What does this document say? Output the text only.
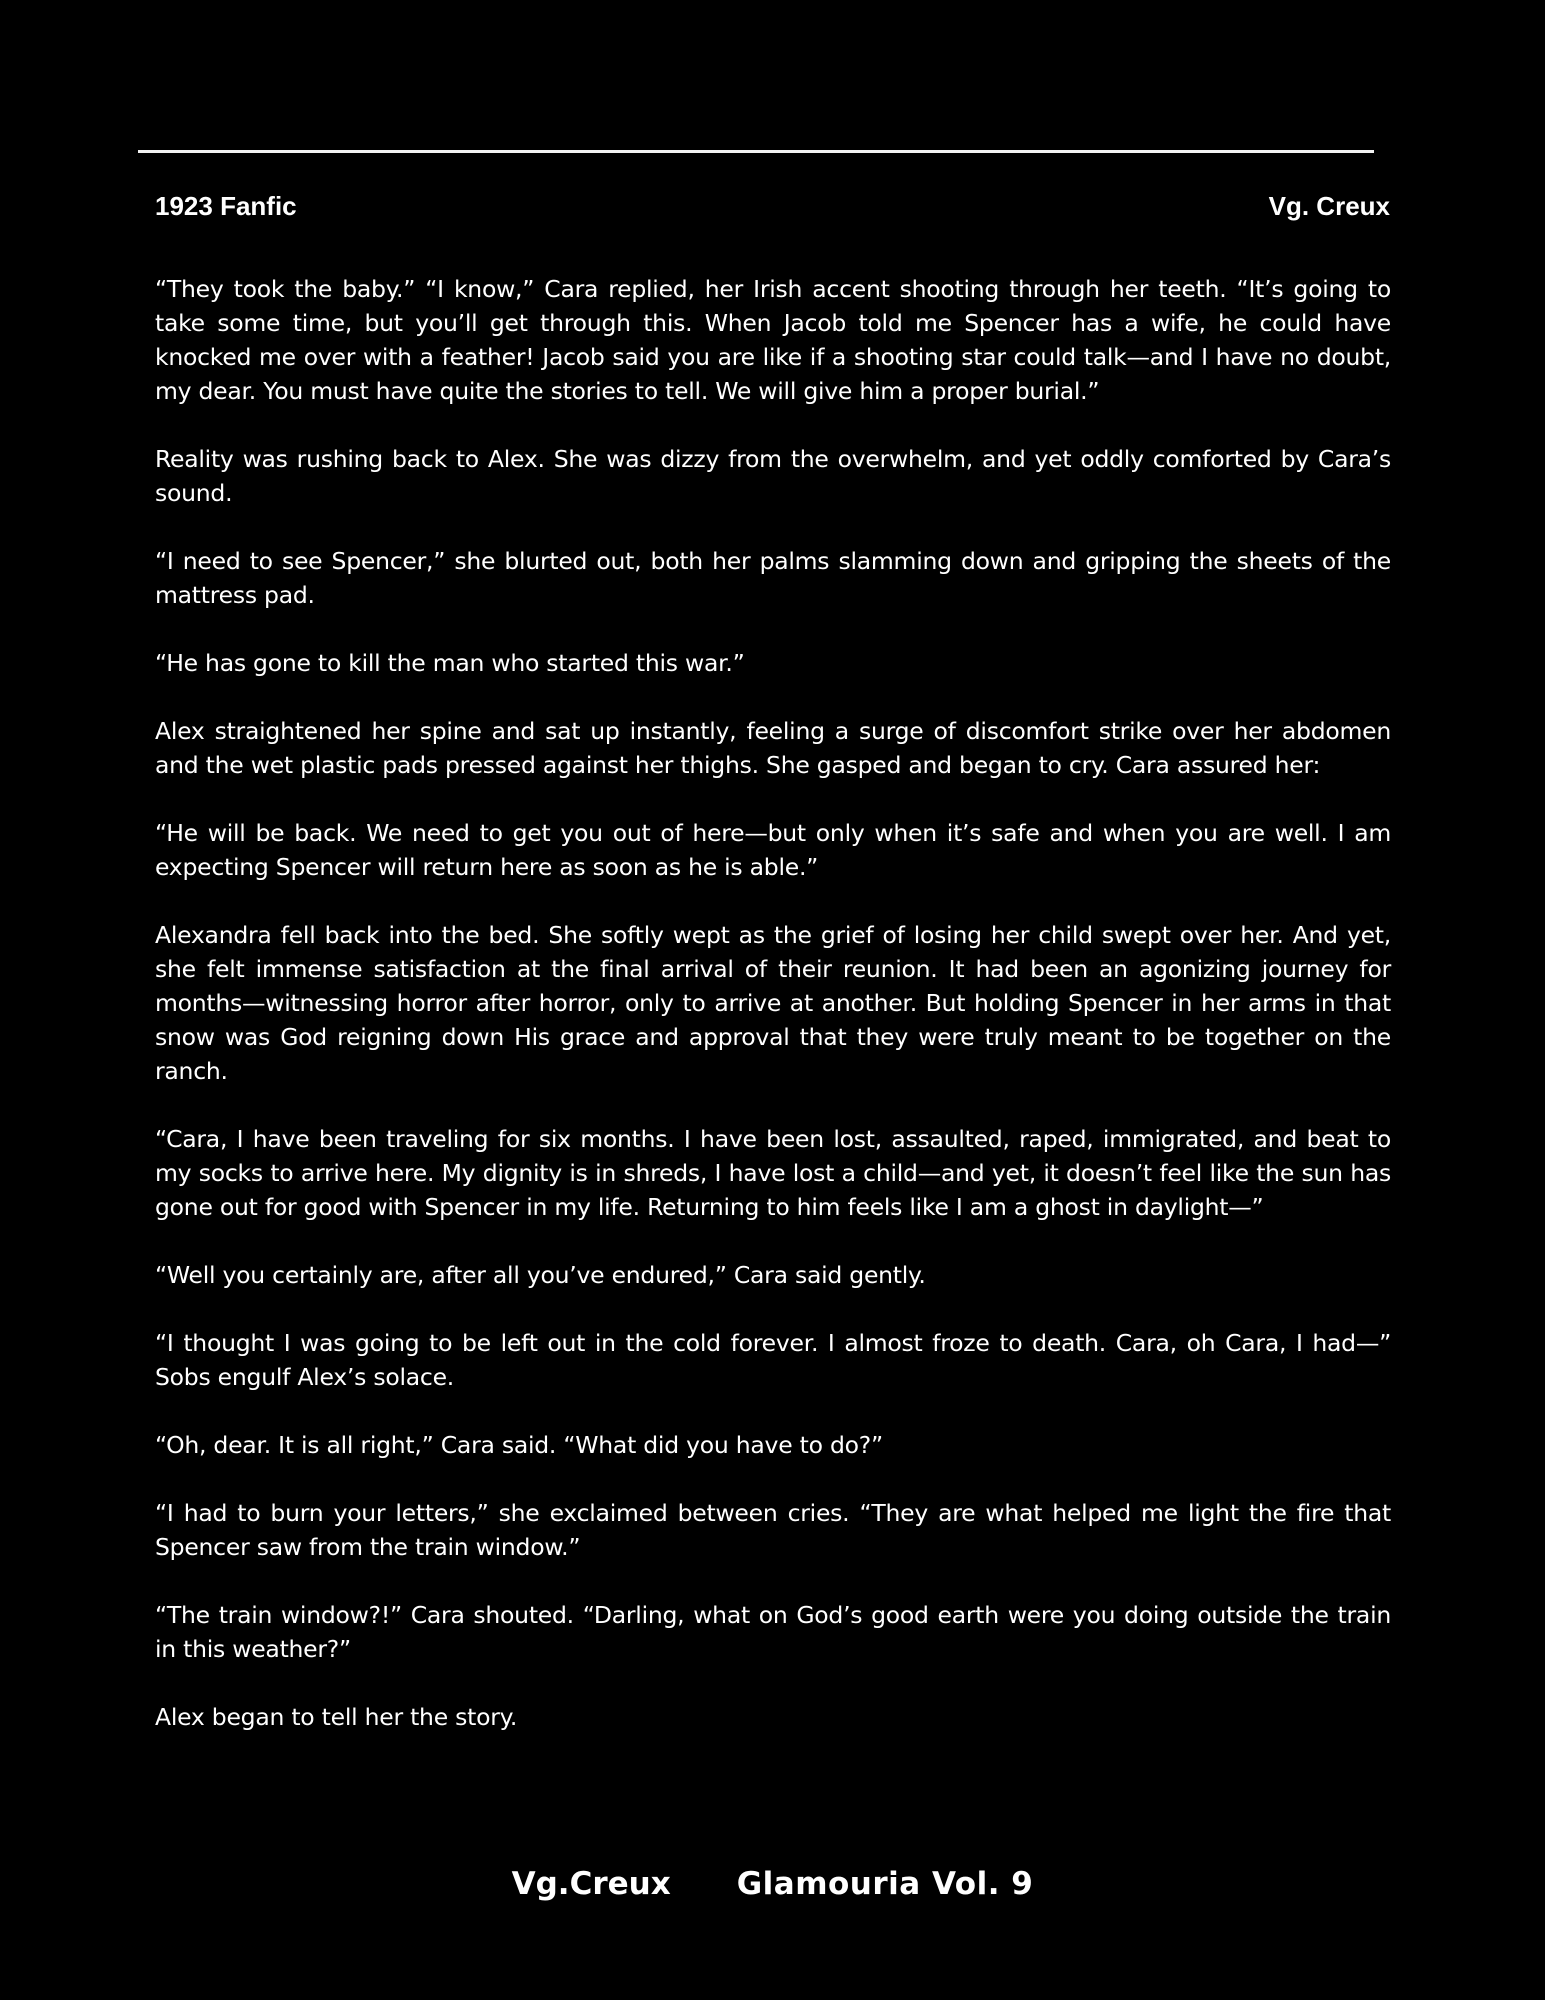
1923 Fanfic	Vg. Creux

“They took the baby.” “I know,” Cara replied, her Irish accent shooting through her teeth. “It’s going to take some time, but you’ll get through this. When Jacob told me Spencer has a wife, he could have knocked me over with a feather! Jacob said you are like if a shooting star could talk—and I have no doubt, my dear. You must have quite the stories to tell. We will give him a proper burial.”

Reality was rushing back to Alex. She was dizzy from the overwhelm, and yet oddly comforted by Cara’s sound.

“I need to see Spencer,” she blurted out, both her palms slamming down and gripping the sheets of the mattress pad.

“He has gone to kill the man who started this war.”

Alex straightened her spine and sat up instantly, feeling a surge of discomfort strike over her abdomen and the wet plastic pads pressed against her thighs. She gasped and began to cry. Cara assured her:

“He will be back. We need to get you out of here—but only when it’s safe and when you are well. I am expecting Spencer will return here as soon as he is able.”

Alexandra fell back into the bed. She softly wept as the grief of losing her child swept over her. And yet, she felt immense satisfaction at the final arrival of their reunion. It had been an agonizing journey for months—witnessing horror after horror, only to arrive at another. But holding Spencer in her arms in that snow was God reigning down His grace and approval that they were truly meant to be together on the ranch.

“Cara, I have been traveling for six months. I have been lost, assaulted, raped, immigrated, and beat to my socks to arrive here. My dignity is in shreds, I have lost a child—and yet, it doesn’t feel like the sun has gone out for good with Spencer in my life. Returning to him feels like I am a ghost in daylight—”

“Well you certainly are, after all you’ve endured,” Cara said gently.

“I thought I was going to be left out in the cold forever. I almost froze to death. Cara, oh Cara, I had—” Sobs engulf Alex’s solace.

“Oh, dear. It is all right,” Cara said. “What did you have to do?”

“I had to burn your letters,” she exclaimed between cries. “They are what helped me light the fire that Spencer saw from the train window.”

“The train window?!” Cara shouted. “Darling, what on God’s good earth were you doing outside the train in this weather?”

Alex began to tell her the story.

Vg.Creux Glamouria Vol. 9
